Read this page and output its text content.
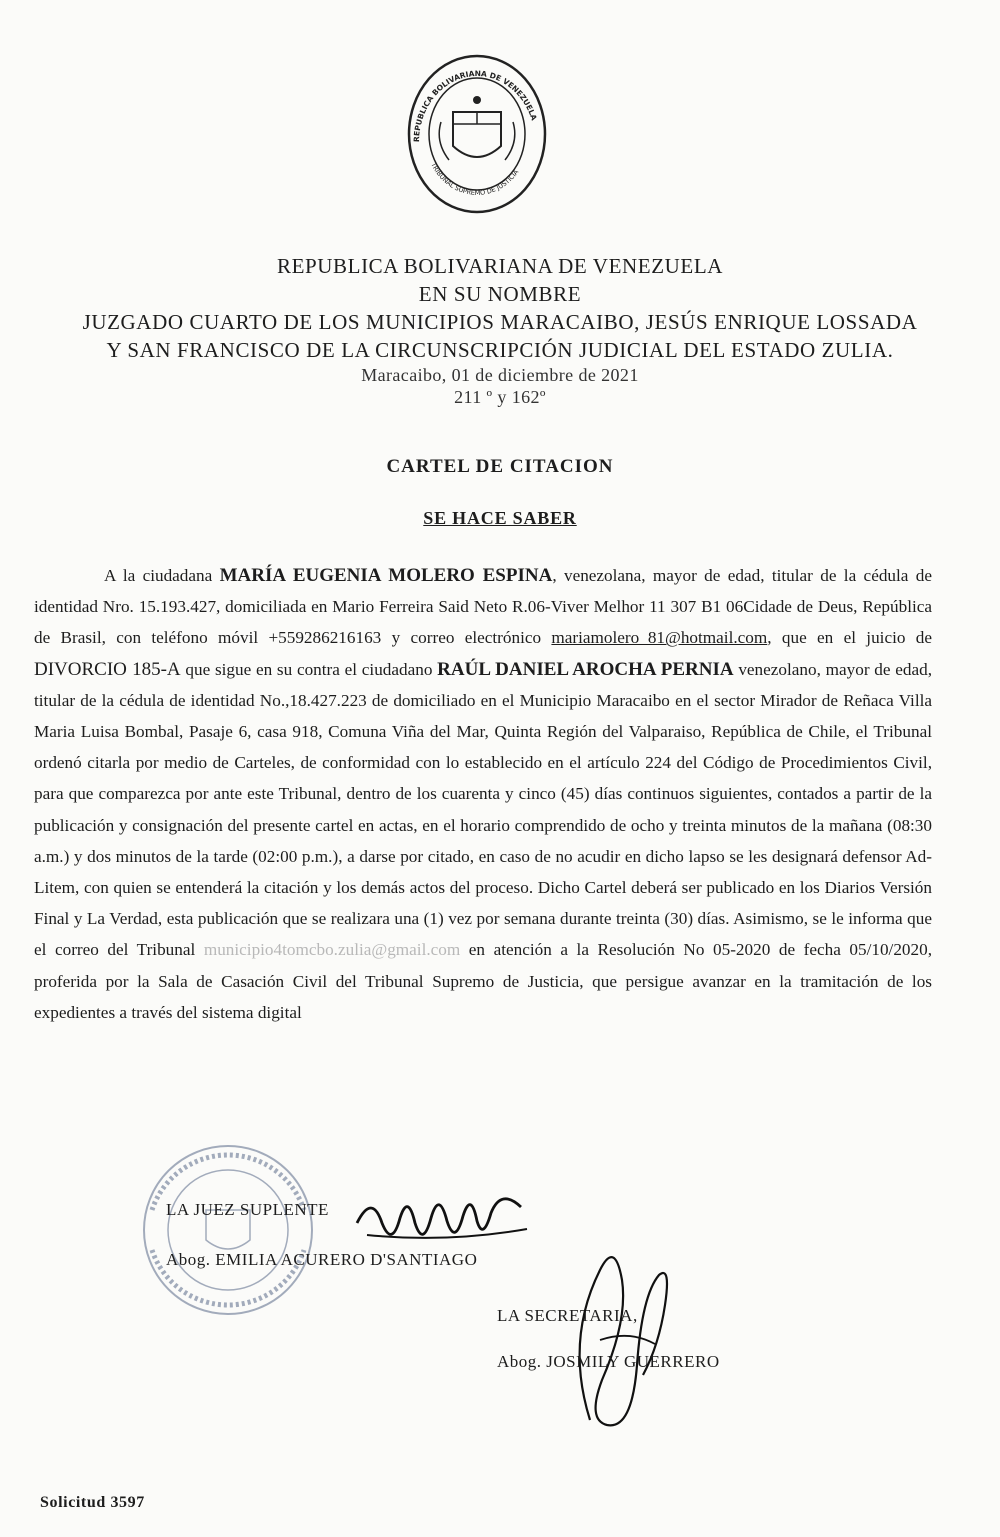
REPUBLICA BOLIVARIANA DE VENEZUELA
TRIBUNAL SUPREMO DE JUSTICIA

REPUBLICA BOLIVARIANA DE VENEZUELA

EN SU NOMBRE

JUZGADO CUARTO DE LOS MUNICIPIOS MARACAIBO, JESÚS ENRIQUE LOSSADA

Y SAN FRANCISCO DE LA CIRCUNSCRIPCIÓN JUDICIAL DEL ESTADO ZULIA.

Maracaibo, 01 de diciembre de 2021

211 º y 162º

CARTEL DE CITACION
SE HACE SABER
A la ciudadana MARÍA EUGENIA MOLERO ESPINA, venezolana, mayor de edad, titular de la cédula de identidad Nro. 15.193.427, domiciliada en Mario Ferreira Said Neto R.06-Viver Melhor 11 307 B1 06Cidade de Deus, República de Brasil, con teléfono móvil +5592862161​63 y correo electrónico mariamolero_81@hotmail.com, que en el juicio de DIVORCIO 185-A que sigue en su contra el ciudadano RAÚL DANIEL AROCHA PERNIA venezolano, mayor de edad, titular de la cédula de identidad No.,18.427.223 de domiciliado en el Municipio Maracaibo en el sector Mirador de Reñaca Villa Maria Luisa Bombal, Pasaje 6, casa 918, Comuna Viña del Mar, Quinta Región del Valparaiso, República de Chile, el Tribunal ordenó citarla por medio de Carteles, de conformidad con lo establecido en el artículo 224 del Código de Procedimientos Civil, para que comparezca por ante este Tribunal, dentro de los cuarenta y cinco (45) días continuos siguientes, contados a partir de la publicación y consignación del presente cartel en actas, en el horario comprendido de ocho y treinta minutos de la mañana (08:30 a.m.) y dos minutos de la tarde (02:00 p.m.), a darse por citado, en caso de no acudir en dicho lapso se les designará defensor Ad-Litem, con quien se entenderá la citación y los demás actos del proceso. Dicho Cartel deberá ser publicado en los Diarios Versión Final y La Verdad, esta publicación que se realizara una (1) vez por semana durante treinta (30) días. Asimismo, se le informa que el correo del Tribunal municipio4tomcbo.zulia@gmail.com en atención a la Resolución No 05-2020 de fecha 05/10/2020, proferida por la Sala de Casación Civil del Tribunal Supremo de Justicia, que persigue avanzar en la tramitación de los expedientes a través del sistema digital
LA JUEZ SUPLENTE
Abog. EMILIA ACURERO D'SANTIAGO
LA SECRETARIA,
Abog. JOSMILY GUERRERO
Solicitud 3597
